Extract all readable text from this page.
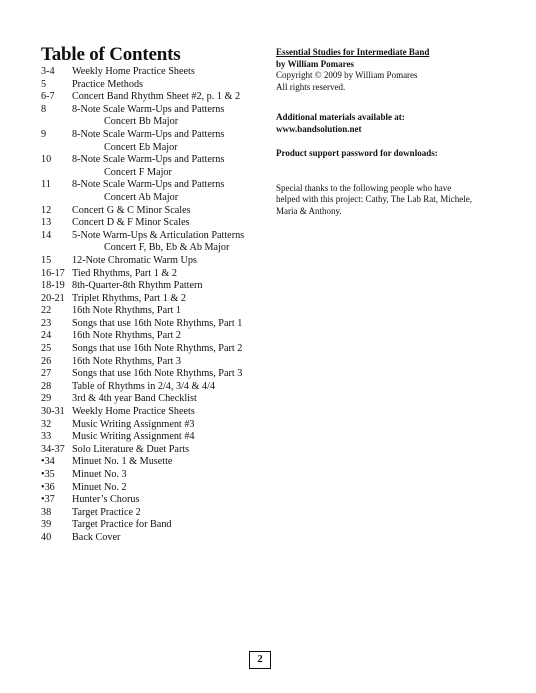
Table of Contents
3-4	Weekly Home Practice Sheets
5	Practice Methods
6-7	Concert Band Rhythm Sheet #2, p. 1 & 2
8	8-Note Scale Warm-Ups and Patterns
Concert Bb Major
9	8-Note Scale Warm-Ups and Patterns
Concert Eb Major
10	8-Note Scale Warm-Ups and Patterns
Concert F Major
11	8-Note Scale Warm-Ups and Patterns
Concert Ab Major
12	Concert G & C Minor Scales
13	Concert D & F Minor Scales
14	5-Note Warm-Ups & Articulation Patterns
Concert F, Bb, Eb & Ab Major
15	12-Note Chromatic Warm Ups
16-17 Tied Rhythms, Part 1 & 2
18-19 8th-Quarter-8th Rhythm Pattern
20-21 Triplet Rhythms, Part 1 & 2
22	16th Note Rhythms, Part 1
23	Songs that use 16th Note Rhythms, Part 1
24	16th Note Rhythms, Part 2
25	Songs that use 16th Note Rhythms, Part 2
26	16th Note Rhythms, Part 3
27	Songs that use 16th Note Rhythms, Part 3
28	Table of Rhythms in 2/4, 3/4 & 4/4
29	3rd & 4th year Band Checklist
30-31 Weekly Home Practice Sheets
32	Music Writing Assignment #3
33	Music Writing Assignment #4
34-37 Solo Literature & Duet Parts
•34	Minuet No. 1 & Musette
•35	Minuet No. 3
•36	Minuet No. 2
•37	Hunter’s Chorus
38	Target Practice 2
39	Target Practice for Band
40	Back Cover
Essential Studies for Intermediate Band
by William Pomares
Copyright © 2009 by William Pomares
All rights reserved.
Additional materials available at:
www.bandsolution.net
Product support password for downloads:
Special thanks to the following people who have
helped with this project: Cathy, The Lab Rat, Michele,
Maria & Anthony.
2
